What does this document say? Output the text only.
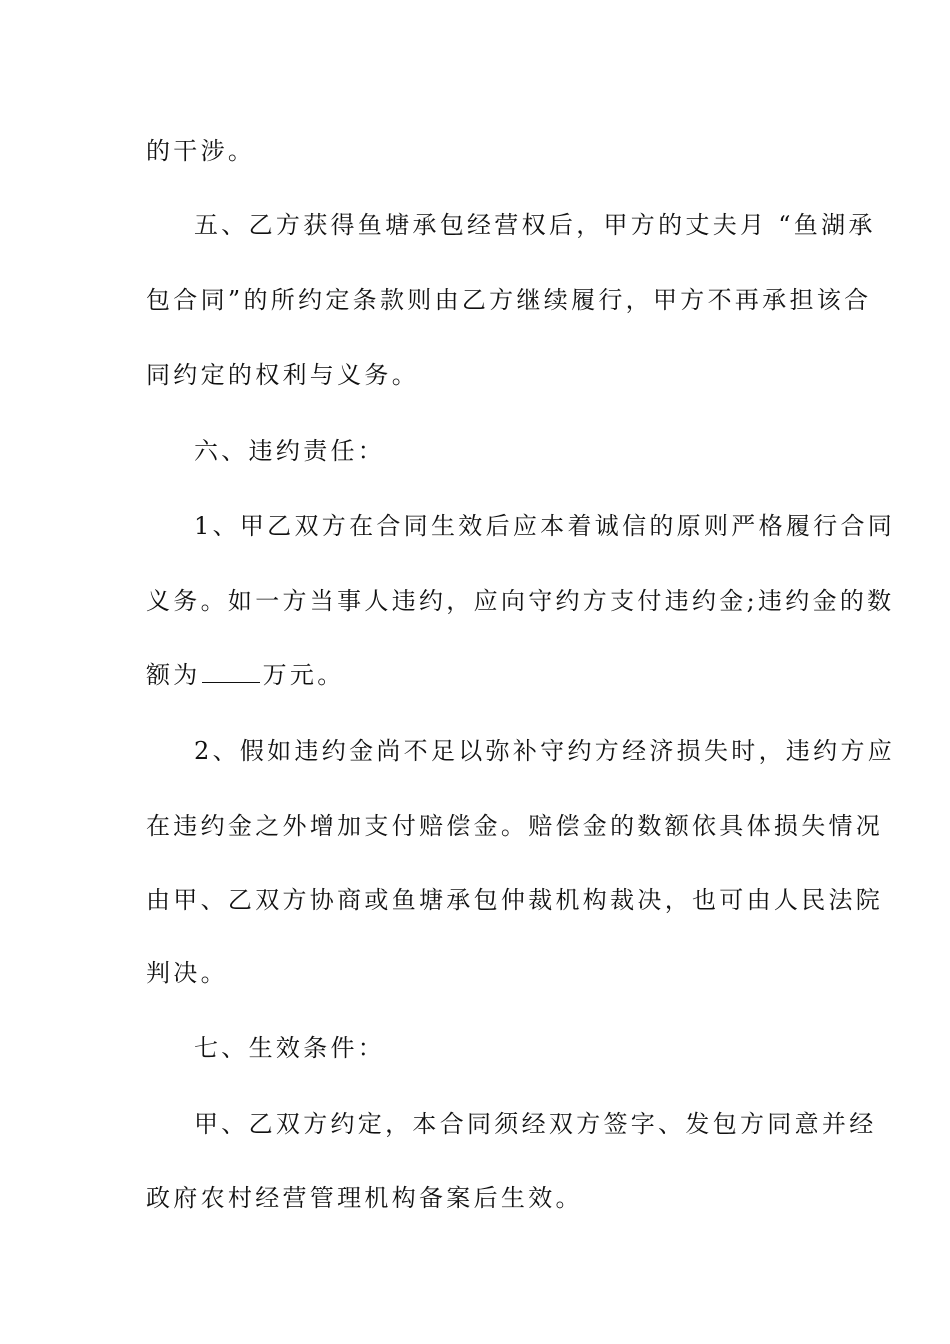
的干涉。
五、乙方获得鱼塘承包经营权后，甲方的丈夫月 “鱼湖承
包合同”的所约定条款则由乙方继续履行，甲方不再承担该合
同约定的权利与义务。
六、违约责任：
1、甲乙双方在合同生效后应本着诚信的原则严格履行合同
义务。如一方当事人违约，应向守约方支付违约金;违约金的数
额为	万元。
2、假如违约金尚不足以弥补守约方经济损失时，违约方应
在违约金之外增加支付赔偿金。赔偿金的数额依具体损失情况
由甲、乙双方协商或鱼塘承包仲裁机构裁决，也可由人民法院
判决。
七、生效条件：
甲、乙双方约定，本合同须经双方签字、发包方同意并经
政府农村经营管理机构备案后生效。
